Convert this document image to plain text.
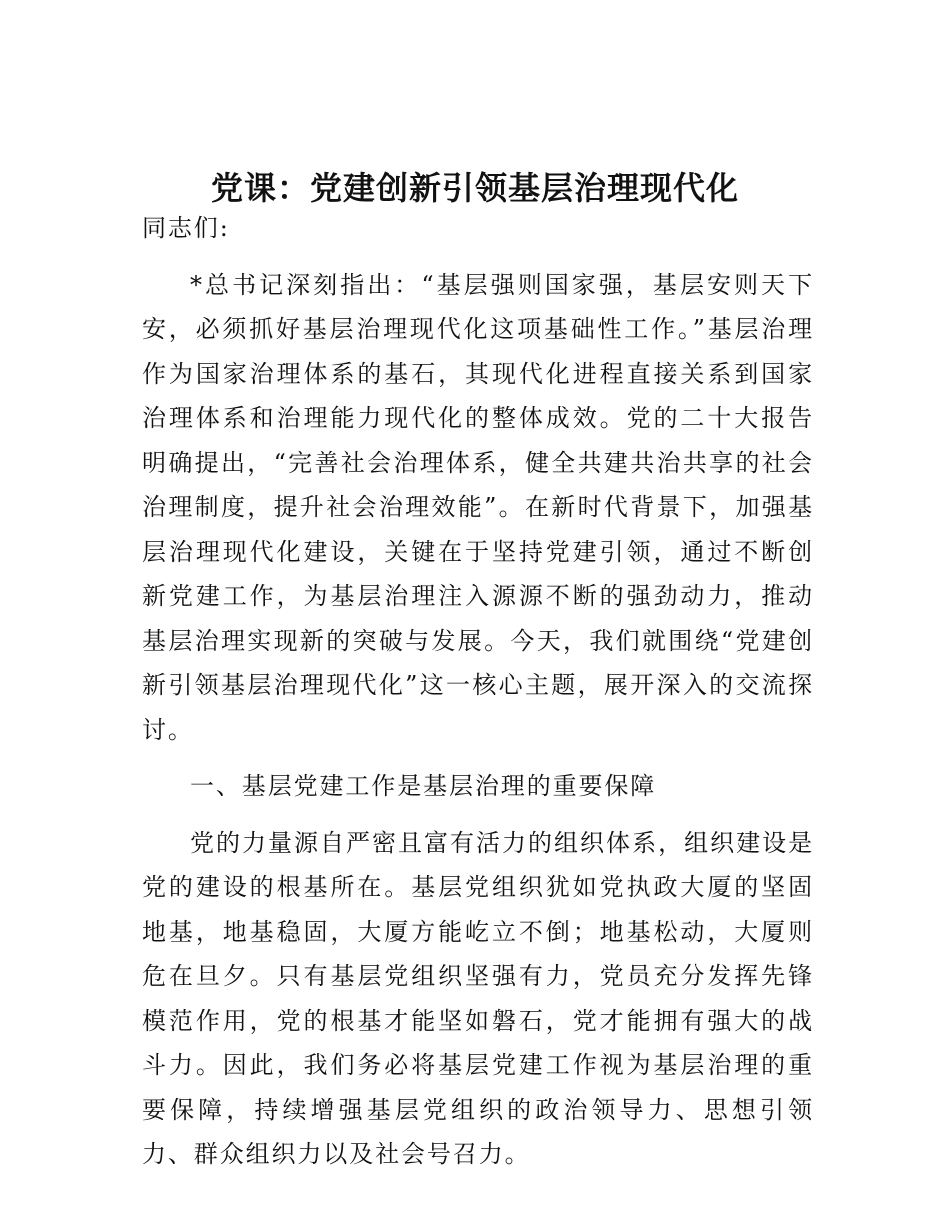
党课：党建创新引领基层治理现代化

同志们:

*总书记深刻指出：“基层强则国家强，基层安则天下安，必须抓好基层治理现代化这项基础性工作。”基层治理作为国家治理体系的基石，其现代化进程直接关系到国家治理体系和治理能力现代化的整体成效。党的二十大报告明确提出，“完善社会治理体系，健全共建共治共享的社会治理制度，提升社会治理效能”。在新时代背景下，加强基层治理现代化建设，关键在于坚持党建引领，通过不断创新党建工作，为基层治理注入源源不断的强劲动力，推动基层治理实现新的突破与发展。今天，我们就围绕“党建创新引领基层治理现代化”这一核心主题，展开深入的交流探讨。

一、基层党建工作是基层治理的重要保障

党的力量源自严密且富有活力的组织体系，组织建设是党的建设的根基所在。基层党组织犹如党执政大厦的坚固地基，地基稳固，大厦方能屹立不倒；地基松动，大厦则危在旦夕。只有基层党组织坚强有力，党员充分发挥先锋模范作用，党的根基才能坚如磐石，党才能拥有强大的战斗力。因此，我们务必将基层党建工作视为基层治理的重要保障，持续增强基层党组织的政治领导力、思想引领力、群众组织力以及社会号召力。
